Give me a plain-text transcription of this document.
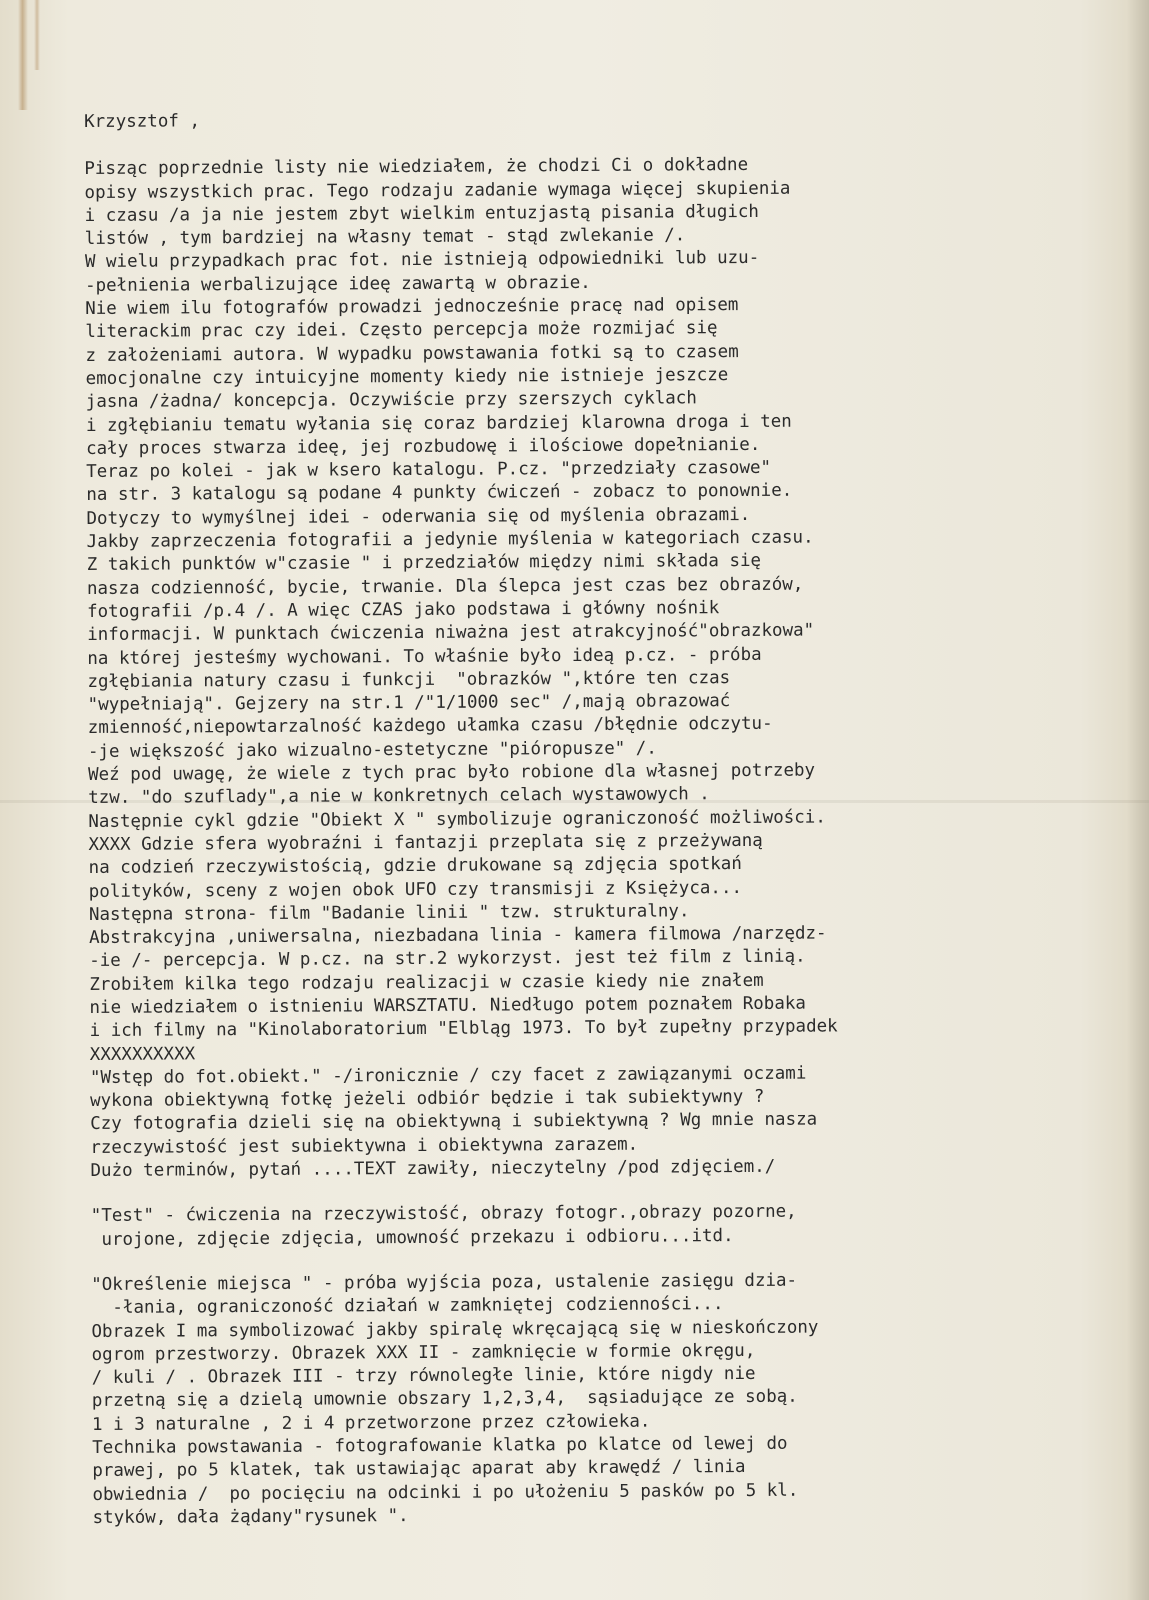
Krzysztof ,
Pisząc poprzednie listy nie wiedziałem, że chodzi Ci o dokładne
opisy wszystkich prac. Tego rodzaju zadanie wymaga więcej skupienia
i czasu /a ja nie jestem zbyt wielkim entuzjastą pisania długich
listów , tym bardziej na własny temat - stąd zwlekanie /.
W wielu przypadkach prac fot. nie istnieją odpowiedniki lub uzu-
-pełnienia werbalizujące ideę zawartą w obrazie.
Nie wiem ilu fotografów prowadzi jednocześnie pracę nad opisem
literackim prac czy idei. Często percepcja może rozmijać się
z założeniami autora. W wypadku powstawania fotki są to czasem
emocjonalne czy intuicyjne momenty kiedy nie istnieje jeszcze
jasna /żadna/ koncepcja. Oczywiście przy szerszych cyklach
i zgłębianiu tematu wyłania się coraz bardziej klarowna droga i ten
cały proces stwarza ideę, jej rozbudowę i ilościowe dopełnianie.
Teraz po kolei - jak w ksero katalogu. P.cz. "przedziały czasowe"
na str. 3 katalogu są podane 4 punkty ćwiczeń - zobacz to ponownie.
Dotyczy to wymyślnej idei - oderwania się od myślenia obrazami.
Jakby zaprzeczenia fotografii a jedynie myślenia w kategoriach czasu.
Z takich punktów w"czasie " i przedziałów między nimi składa się
nasza codzienność, bycie, trwanie. Dla ślepca jest czas bez obrazów,
fotografii /p.4 /. A więc CZAS jako podstawa i główny nośnik
informacji. W punktach ćwiczenia niważna jest atrakcyjność"obrazkowa"
na której jesteśmy wychowani. To właśnie było ideą p.cz. - próba
zgłębiania natury czasu i funkcji  "obrazków ",które ten czas
"wypełniają". Gejzery na str.1 /"1/1000 sec" /,mają obrazować
zmienność,niepowtarzalność każdego ułamka czasu /błędnie odczytu-
-je większość jako wizualno-estetyczne "pióropusze" /.
Weź pod uwagę, że wiele z tych prac było robione dla własnej potrzeby
tzw. "do szuflady",a nie w konkretnych celach wystawowych .
Następnie cykl gdzie "Obiekt X " symbolizuje ograniczoność możliwości.
XXXX Gdzie sfera wyobraźni i fantazji przeplata się z przeżywaną
na codzień rzeczywistością, gdzie drukowane są zdjęcia spotkań
polityków, sceny z wojen obok UFO czy transmisji z Księżyca...
Następna strona- film "Badanie linii " tzw. strukturalny.
Abstrakcyjna ,uniwersalna, niezbadana linia - kamera filmowa /narzędz-
-ie /- percepcja. W p.cz. na str.2 wykorzyst. jest też film z linią.
Zrobiłem kilka tego rodzaju realizacji w czasie kiedy nie znałem
nie wiedziałem o istnieniu WARSZTATU. Niedługo potem poznałem Robaka
i ich filmy na "Kinolaboratorium "Elbląg 1973. To był zupełny przypadek
XXXXXXXXXX
"Wstęp do fot.obiekt." -/ironicznie / czy facet z zawiązanymi oczami
wykona obiektywną fotkę jeżeli odbiór będzie i tak subiektywny ?
Czy fotografia dzieli się na obiektywną i subiektywną ? Wg mnie nasza
rzeczywistość jest subiektywna i obiektywna zarazem.
Dużo terminów, pytań ....TEXT zawiły, nieczytelny /pod zdjęciem./
"Test" - ćwiczenia na rzeczywistość, obrazy fotogr.,obrazy pozorne,
urojone, zdjęcie zdjęcia, umowność przekazu i odbioru...itd.
"Określenie miejsca " - próba wyjścia poza, ustalenie zasięgu dzia-
-łania, ograniczoność działań w zamkniętej codzienności...
Obrazek I ma symbolizować jakby spiralę wkręcającą się w nieskończony
ogrom przestworzy. Obrazek XXX II - zamknięcie w formie okręgu,
/ kuli / . Obrazek III - trzy równoległe linie, które nigdy nie
przetną się a dzielą umownie obszary 1,2,3,4,  sąsiadujące ze sobą.
1 i 3 naturalne , 2 i 4 przetworzone przez człowieka.
Technika powstawania - fotografowanie klatka po klatce od lewej do
prawej, po 5 klatek, tak ustawiając aparat aby krawędź / linia
obwiednia /  po pocięciu na odcinki i po ułożeniu 5 pasków po 5 kl.
styków, dała żądany"rysunek ".
